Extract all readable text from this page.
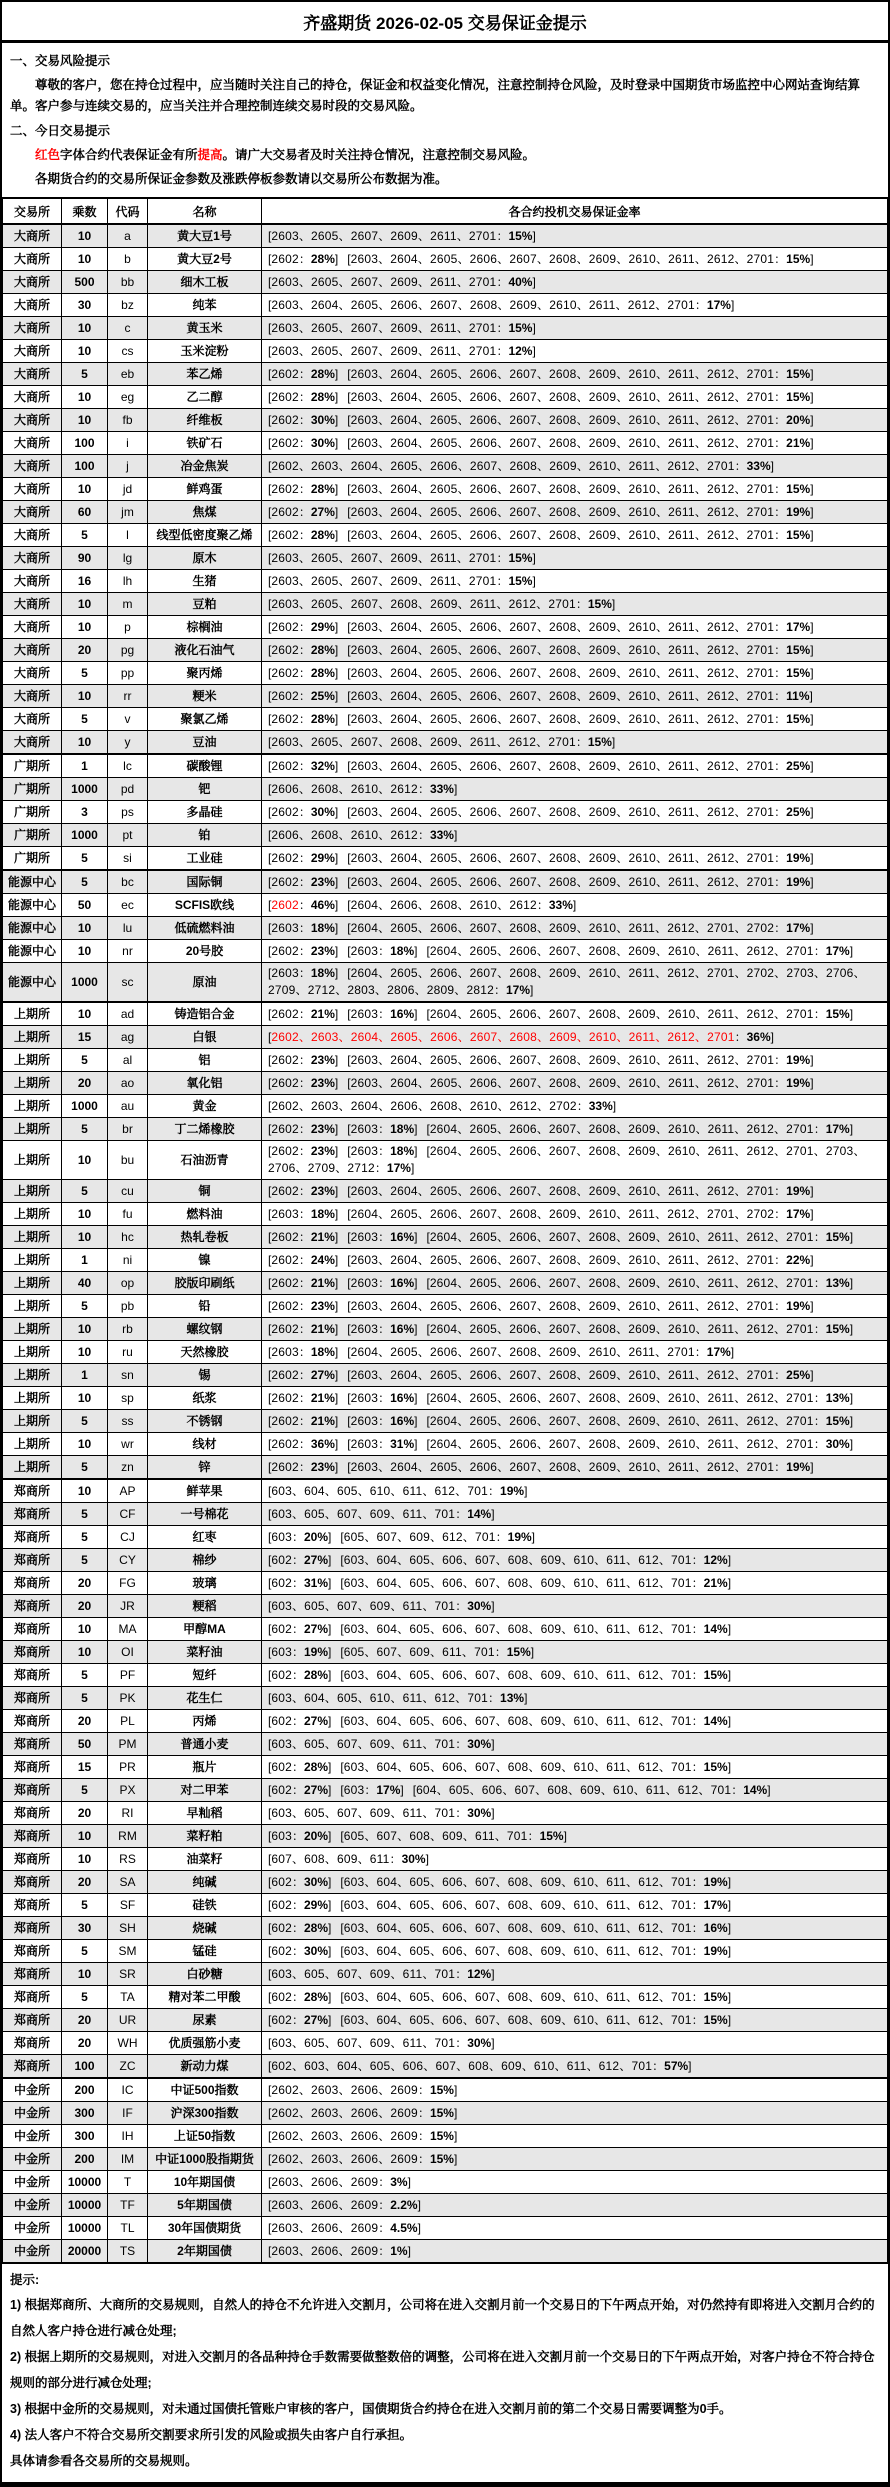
齐盛期货 2026-02-05 交易保证金提示
一、交易风险提示

尊敬的客户，您在持仓过程中，应当随时关注自己的持仓，保证金和权益变化情况，注意控制持仓风险，及时登录中国期货市场监控中心网站查询结算单。客户参与连续交易的，应当关注并合理控制连续交易时段的交易风险。

二、今日交易提示

红色字体合约代表保证金有所提高。请广大交易者及时关注持仓情况，注意控制交易风险。

各期货合约的交易所保证金参数及涨跌停板参数请以交易所公布数据为准。

交易所	乘数	代码	名称	各合约投机交易保证金率
大商所	10	a	黄大豆1号	[2603、2605、2607、2609、2611、2701：15%]
大商所	10	b	黄大豆2号	[2602：28%] [2603、2604、2605、2606、2607、2608、2609、2610、2611、2612、2701：15%]
大商所	500	bb	细木工板	[2603、2605、2607、2609、2611、2701：40%]
大商所	30	bz	纯苯	[2603、2604、2605、2606、2607、2608、2609、2610、2611、2612、2701：17%]
大商所	10	c	黄玉米	[2603、2605、2607、2609、2611、2701：15%]
大商所	10	cs	玉米淀粉	[2603、2605、2607、2609、2611、2701：12%]
大商所	5	eb	苯乙烯	[2602：28%] [2603、2604、2605、2606、2607、2608、2609、2610、2611、2612、2701：15%]
大商所	10	eg	乙二醇	[2602：28%] [2603、2604、2605、2606、2607、2608、2609、2610、2611、2612、2701：15%]
大商所	10	fb	纤维板	[2602：30%] [2603、2604、2605、2606、2607、2608、2609、2610、2611、2612、2701：20%]
大商所	100	i	铁矿石	[2602：30%] [2603、2604、2605、2606、2607、2608、2609、2610、2611、2612、2701：21%]
大商所	100	j	冶金焦炭	[2602、2603、2604、2605、2606、2607、2608、2609、2610、2611、2612、2701：33%]
大商所	10	jd	鲜鸡蛋	[2602：28%] [2603、2604、2605、2606、2607、2608、2609、2610、2611、2612、2701：15%]
大商所	60	jm	焦煤	[2602：27%] [2603、2604、2605、2606、2607、2608、2609、2610、2611、2612、2701：19%]
大商所	5	l	线型低密度聚乙烯	[2602：28%] [2603、2604、2605、2606、2607、2608、2609、2610、2611、2612、2701：15%]
大商所	90	lg	原木	[2603、2605、2607、2609、2611、2701：15%]
大商所	16	lh	生猪	[2603、2605、2607、2609、2611、2701：15%]
大商所	10	m	豆粕	[2603、2605、2607、2608、2609、2611、2612、2701：15%]
大商所	10	p	棕榈油	[2602：29%] [2603、2604、2605、2606、2607、2608、2609、2610、2611、2612、2701：17%]
大商所	20	pg	液化石油气	[2602：28%] [2603、2604、2605、2606、2607、2608、2609、2610、2611、2612、2701：15%]
大商所	5	pp	聚丙烯	[2602：28%] [2603、2604、2605、2606、2607、2608、2609、2610、2611、2612、2701：15%]
大商所	10	rr	粳米	[2602：25%] [2603、2604、2605、2606、2607、2608、2609、2610、2611、2612、2701：11%]
大商所	5	v	聚氯乙烯	[2602：28%] [2603、2604、2605、2606、2607、2608、2609、2610、2611、2612、2701：15%]
大商所	10	y	豆油	[2603、2605、2607、2608、2609、2611、2612、2701：15%]
广期所	1	lc	碳酸锂	[2602：32%] [2603、2604、2605、2606、2607、2608、2609、2610、2611、2612、2701：25%]
广期所	1000	pd	钯	[2606、2608、2610、2612：33%]
广期所	3	ps	多晶硅	[2602：30%] [2603、2604、2605、2606、2607、2608、2609、2610、2611、2612、2701：25%]
广期所	1000	pt	铂	[2606、2608、2610、2612：33%]
广期所	5	si	工业硅	[2602：29%] [2603、2604、2605、2606、2607、2608、2609、2610、2611、2612、2701：19%]
能源中心	5	bc	国际铜	[2602：23%] [2603、2604、2605、2606、2607、2608、2609、2610、2611、2612、2701：19%]
能源中心	50	ec	SCFIS欧线	[2602：46%] [2604、2606、2608、2610、2612：33%]
能源中心	10	lu	低硫燃料油	[2603：18%] [2604、2605、2606、2607、2608、2609、2610、2611、2612、2701、2702：17%]
能源中心	10	nr	20号胶	[2602：23%] [2603：18%] [2604、2605、2606、2607、2608、2609、2610、2611、2612、2701：17%]
能源中心	1000	sc	原油	[2603：18%] [2604、2605、2606、2607、2608、2609、2610、2611、2612、2701、2702、2703、2706、2709、2712、2803、2806、2809、2812：17%]
上期所	10	ad	铸造铝合金	[2602：21%] [2603：16%] [2604、2605、2606、2607、2608、2609、2610、2611、2612、2701：15%]
上期所	15	ag	白银	[2602、2603、2604、2605、2606、2607、2608、2609、2610、2611、2612、2701：36%]
上期所	5	al	铝	[2602：23%] [2603、2604、2605、2606、2607、2608、2609、2610、2611、2612、2701：19%]
上期所	20	ao	氧化铝	[2602：23%] [2603、2604、2605、2606、2607、2608、2609、2610、2611、2612、2701：19%]
上期所	1000	au	黄金	[2602、2603、2604、2606、2608、2610、2612、2702：33%]
上期所	5	br	丁二烯橡胶	[2602：23%] [2603：18%] [2604、2605、2606、2607、2608、2609、2610、2611、2612、2701：17%]
上期所	10	bu	石油沥青	[2602：23%] [2603：18%] [2604、2605、2606、2607、2608、2609、2610、2611、2612、2701、2703、2706、2709、2712：17%]
上期所	5	cu	铜	[2602：23%] [2603、2604、2605、2606、2607、2608、2609、2610、2611、2612、2701：19%]
上期所	10	fu	燃料油	[2603：18%] [2604、2605、2606、2607、2608、2609、2610、2611、2612、2701、2702：17%]
上期所	10	hc	热轧卷板	[2602：21%] [2603：16%] [2604、2605、2606、2607、2608、2609、2610、2611、2612、2701：15%]
上期所	1	ni	镍	[2602：24%] [2603、2604、2605、2606、2607、2608、2609、2610、2611、2612、2701：22%]
上期所	40	op	胶版印刷纸	[2602：21%] [2603：16%] [2604、2605、2606、2607、2608、2609、2610、2611、2612、2701：13%]
上期所	5	pb	铅	[2602：23%] [2603、2604、2605、2606、2607、2608、2609、2610、2611、2612、2701：19%]
上期所	10	rb	螺纹钢	[2602：21%] [2603：16%] [2604、2605、2606、2607、2608、2609、2610、2611、2612、2701：15%]
上期所	10	ru	天然橡胶	[2603：18%] [2604、2605、2606、2607、2608、2609、2610、2611、2701：17%]
上期所	1	sn	锡	[2602：27%] [2603、2604、2605、2606、2607、2608、2609、2610、2611、2612、2701：25%]
上期所	10	sp	纸浆	[2602：21%] [2603：16%] [2604、2605、2606、2607、2608、2609、2610、2611、2612、2701：13%]
上期所	5	ss	不锈钢	[2602：21%] [2603：16%] [2604、2605、2606、2607、2608、2609、2610、2611、2612、2701：15%]
上期所	10	wr	线材	[2602：36%] [2603：31%] [2604、2605、2606、2607、2608、2609、2610、2611、2612、2701：30%]
上期所	5	zn	锌	[2602：23%] [2603、2604、2605、2606、2607、2608、2609、2610、2611、2612、2701：19%]
郑商所	10	AP	鲜苹果	[603、604、605、610、611、612、701：19%]
郑商所	5	CF	一号棉花	[603、605、607、609、611、701：14%]
郑商所	5	CJ	红枣	[603：20%] [605、607、609、612、701：19%]
郑商所	5	CY	棉纱	[602：27%] [603、604、605、606、607、608、609、610、611、612、701：12%]
郑商所	20	FG	玻璃	[602：31%] [603、604、605、606、607、608、609、610、611、612、701：21%]
郑商所	20	JR	粳稻	[603、605、607、609、611、701：30%]
郑商所	10	MA	甲醇MA	[602：27%] [603、604、605、606、607、608、609、610、611、612、701：14%]
郑商所	10	OI	菜籽油	[603：19%] [605、607、609、611、701：15%]
郑商所	5	PF	短纤	[602：28%] [603、604、605、606、607、608、609、610、611、612、701：15%]
郑商所	5	PK	花生仁	[603、604、605、610、611、612、701：13%]
郑商所	20	PL	丙烯	[602：27%] [603、604、605、606、607、608、609、610、611、612、701：14%]
郑商所	50	PM	普通小麦	[603、605、607、609、611、701：30%]
郑商所	15	PR	瓶片	[602：28%] [603、604、605、606、607、608、609、610、611、612、701：15%]
郑商所	5	PX	对二甲苯	[602：27%] [603：17%] [604、605、606、607、608、609、610、611、612、701：14%]
郑商所	20	RI	早籼稻	[603、605、607、609、611、701：30%]
郑商所	10	RM	菜籽粕	[603：20%] [605、607、608、609、611、701：15%]
郑商所	10	RS	油菜籽	[607、608、609、611：30%]
郑商所	20	SA	纯碱	[602：30%] [603、604、605、606、607、608、609、610、611、612、701：19%]
郑商所	5	SF	硅铁	[602：29%] [603、604、605、606、607、608、609、610、611、612、701：17%]
郑商所	30	SH	烧碱	[602：28%] [603、604、605、606、607、608、609、610、611、612、701：16%]
郑商所	5	SM	锰硅	[602：30%] [603、604、605、606、607、608、609、610、611、612、701：19%]
郑商所	10	SR	白砂糖	[603、605、607、609、611、701：12%]
郑商所	5	TA	精对苯二甲酸	[602：28%] [603、604、605、606、607、608、609、610、611、612、701：15%]
郑商所	20	UR	尿素	[602：27%] [603、604、605、606、607、608、609、610、611、612、701：15%]
郑商所	20	WH	优质强筋小麦	[603、605、607、609、611、701：30%]
郑商所	100	ZC	新动力煤	[602、603、604、605、606、607、608、609、610、611、612、701：57%]
中金所	200	IC	中证500指数	[2602、2603、2606、2609：15%]
中金所	300	IF	沪深300指数	[2602、2603、2606、2609：15%]
中金所	300	IH	上证50指数	[2602、2603、2606、2609：15%]
中金所	200	IM	中证1000股指期货	[2602、2603、2606、2609：15%]
中金所	10000	T	10年期国债	[2603、2606、2609：3%]
中金所	10000	TF	5年期国债	[2603、2606、2609：2.2%]
中金所	10000	TL	30年国债期货	[2603、2606、2609：4.5%]
中金所	20000	TS	2年期国债	[2603、2606、2609：1%]
提示:

1) 根据郑商所、大商所的交易规则，自然人的持仓不允许进入交割月，公司将在进入交割月前一个交易日的下午两点开始，对仍然持有即将进入交割月合约的自然人客户持仓进行减仓处理;

2) 根据上期所的交易规则，对进入交割月的各品种持仓手数需要做整数倍的调整，公司将在进入交割月前一个交易日的下午两点开始，对客户持仓不符合持仓规则的部分进行减仓处理;

3) 根据中金所的交易规则，对未通过国债托管账户审核的客户，国债期货合约持仓在进入交割月前的第二个交易日需要调整为0手。

4) 法人客户不符合交易所交割要求所引发的风险或损失由客户自行承担。

具体请参看各交易所的交易规则。
